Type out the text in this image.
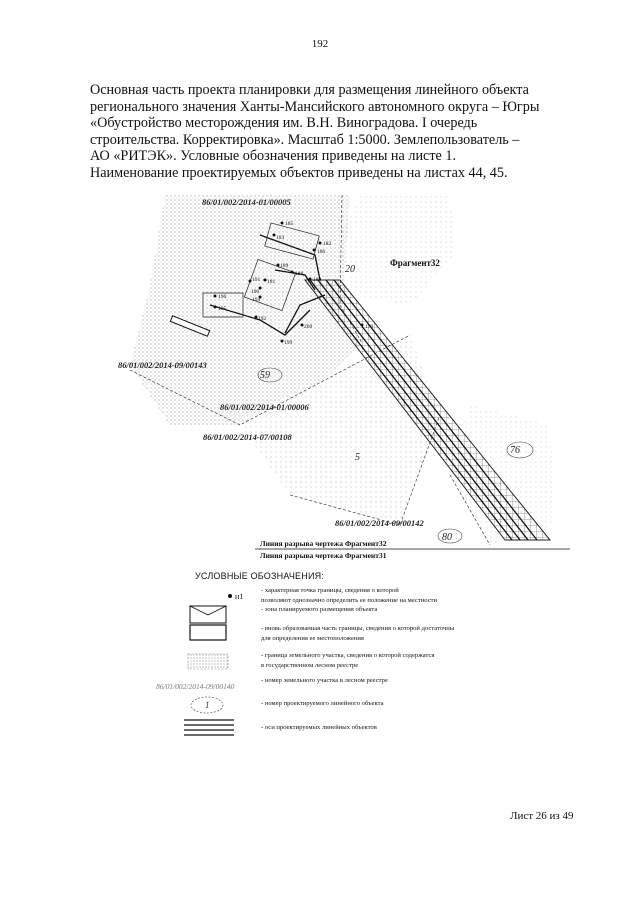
192
Основная часть проекта планировки для размещения линейного объекта
регионального значения Ханты-Мансийского автономного округа – Югры
«Обустройство месторождения им. В.Н. Виноградова. I очередь
строительства. Корректировка». Масштаб 1:5000. Землепользователь –
АО «РИТЭК». Условные обозначения приведены на листе 1.
Наименование проектируемых объектов приведены на листах 44, 45.
185
182
183
186
180
189
188
181
191
196
195
190
194
192
200
199
179
86/01/002/2014-01/00005
86/01/002/2014-09/00143
86/01/002/2014-01/00006
86/01/002/2014-07/00108
86/01/002/2014-09/00142
20
59
5
76
80
Фрагмент32
Линия разрыва чертежа Фрагмент32
Линия разрыва чертежа Фрагмент31
УСЛОВНЫЕ ОБОЗНАЧЕНИЯ:
н1
- характерная точка границы, сведения о которой
позволяют однозначно определить ее положение на местности
- зона планируемого размещения объекта
- вновь образованная часть границы, сведения о которой достаточны
для определения ее местоположения
- граница земельного участка, сведения о которой содержатся
в государственном лесном реестре
86/01/002/2014-09/00140
- номер земельного участка в лесном реестре
1	- номер проектируемого линейного объекта
- оси проектируемых линейных объектов
Лист 26 из 49
